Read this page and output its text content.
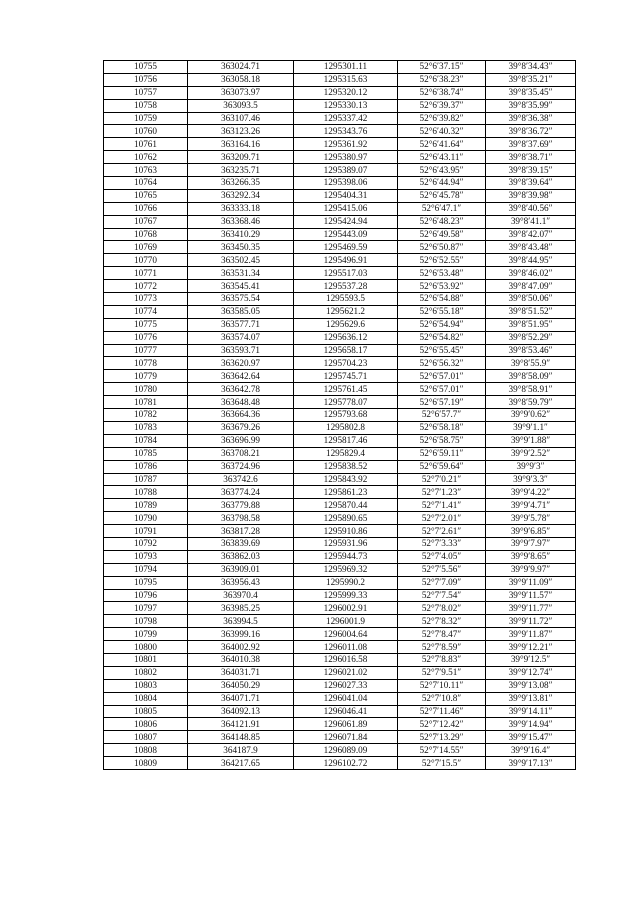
10755	363024.71	1295301.11	52°6′37.15″	39°8′34.43″
10756	363058.18	1295315.63	52°6′38.23″	39°8′35.21″
10757	363073.97	1295320.12	52°6′38.74″	39°8′35.45″
10758	363093.5	1295330.13	52°6′39.37″	39°8′35.99″
10759	363107.46	1295337.42	52°6′39.82″	39°8′36.38″
10760	363123.26	1295343.76	52°6′40.32″	39°8′36.72″
10761	363164.16	1295361.92	52°6′41.64″	39°8′37.69″
10762	363209.71	1295380.97	52°6′43.11″	39°8′38.71″
10763	363235.71	1295389.07	52°6′43.95″	39°8′39.15″
10764	363266.35	1295398.06	52°6′44.94″	39°8′39.64″
10765	363292.34	1295404.31	52°6′45.78″	39°8′39.98″
10766	363333.18	1295415.06	52°6′47.1″	39°8′40.56″
10767	363368.46	1295424.94	52°6′48.23″	39°8′41.1″
10768	363410.29	1295443.09	52°6′49.58″	39°8′42.07″
10769	363450.35	1295469.59	52°6′50.87″	39°8′43.48″
10770	363502.45	1295496.91	52°6′52.55″	39°8′44.95″
10771	363531.34	1295517.03	52°6′53.48″	39°8′46.02″
10772	363545.41	1295537.28	52°6′53.92″	39°8′47.09″
10773	363575.54	1295593.5	52°6′54.88″	39°8′50.06″
10774	363585.05	1295621.2	52°6′55.18″	39°8′51.52″
10775	363577.71	1295629.6	52°6′54.94″	39°8′51.95″
10776	363574.07	1295636.12	52°6′54.82″	39°8′52.29″
10777	363593.71	1295658.17	52°6′55.45″	39°8′53.46″
10778	363620.97	1295704.23	52°6′56.32″	39°8′55.9″
10779	363642.64	1295745.71	52°6′57.01″	39°8′58.09″
10780	363642.78	1295761.45	52°6′57.01″	39°8′58.91″
10781	363648.48	1295778.07	52°6′57.19″	39°8′59.79″
10782	363664.36	1295793.68	52°6′57.7″	39°9′0.62″
10783	363679.26	1295802.8	52°6′58.18″	39°9′1.1″
10784	363696.99	1295817.46	52°6′58.75″	39°9′1.88″
10785	363708.21	1295829.4	52°6′59.11″	39°9′2.52″
10786	363724.96	1295838.52	52°6′59.64″	39°9′3″
10787	363742.6	1295843.92	52°7′0.21″	39°9′3.3″
10788	363774.24	1295861.23	52°7′1.23″	39°9′4.22″
10789	363779.88	1295870.44	52°7′1.41″	39°9′4.71″
10790	363798.58	1295890.65	52°7′2.01″	39°9′5.78″
10791	363817.28	1295910.86	52°7′2.61″	39°9′6.85″
10792	363839.69	1295931.96	52°7′3.33″	39°9′7.97″
10793	363862.03	1295944.73	52°7′4.05″	39°9′8.65″
10794	363909.01	1295969.32	52°7′5.56″	39°9′9.97″
10795	363956.43	1295990.2	52°7′7.09″	39°9′11.09″
10796	363970.4	1295999.33	52°7′7.54″	39°9′11.57″
10797	363985.25	1296002.91	52°7′8.02″	39°9′11.77″
10798	363994.5	1296001.9	52°7′8.32″	39°9′11.72″
10799	363999.16	1296004.64	52°7′8.47″	39°9′11.87″
10800	364002.92	1296011.08	52°7′8.59″	39°9′12.21″
10801	364010.38	1296016.58	52°7′8.83″	39°9′12.5″
10802	364031.71	1296021.02	52°7′9.51″	39°9′12.74″
10803	364050.29	1296027.33	52°7′10.11″	39°9′13.08″
10804	364071.71	1296041.04	52°7′10.8″	39°9′13.81″
10805	364092.13	1296046.41	52°7′11.46″	39°9′14.11″
10806	364121.91	1296061.89	52°7′12.42″	39°9′14.94″
10807	364148.85	1296071.84	52°7′13.29″	39°9′15.47″
10808	364187.9	1296089.09	52°7′14.55″	39°9′16.4″
10809	364217.65	1296102.72	52°7′15.5″	39°9′17.13″
